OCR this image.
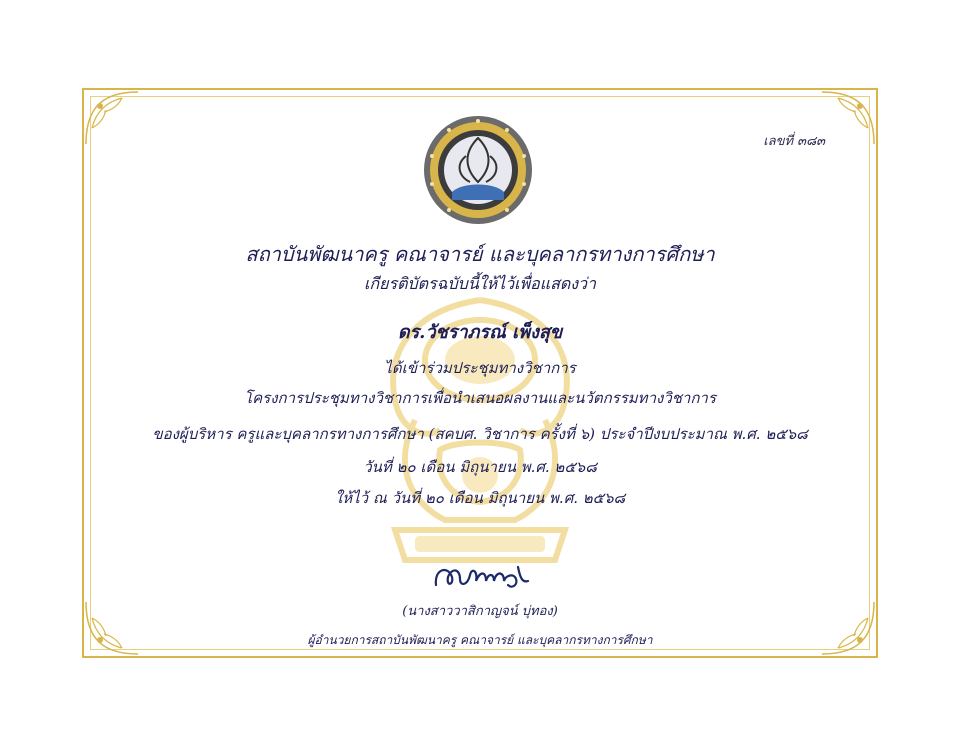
เลขที่ ๓๘๓
สถาบันพัฒนาครู คณาจารย์ และบุคลากรทางการศึกษา
เกียรติบัตรฉบับนี้ให้ไว้เพื่อแสดงว่า
ดร.วัชราภรณ์ เพ็งสุข
ได้เข้าร่วมประชุมทางวิชาการ
โครงการประชุมทางวิชาการเพื่อนำเสนอผลงานและนวัตกรรมทางวิชาการ
ของผู้บริหาร ครูและบุคลากรทางการศึกษา (สคบศ. วิชาการ ครั้งที่ ๖) ประจำปีงบประมาณ พ.ศ. ๒๕๖๘
วันที่ ๒๐ เดือน มิถุนายน พ.ศ. ๒๕๖๘
ให้ไว้ ณ วันที่ ๒๐ เดือน มิถุนายน พ.ศ. ๒๕๖๘
(นางสาววาสิกาญจน์ บุ่ทอง)
ผู้อำนวยการสถาบันพัฒนาครู คณาจารย์ และบุคลากรทางการศึกษา
